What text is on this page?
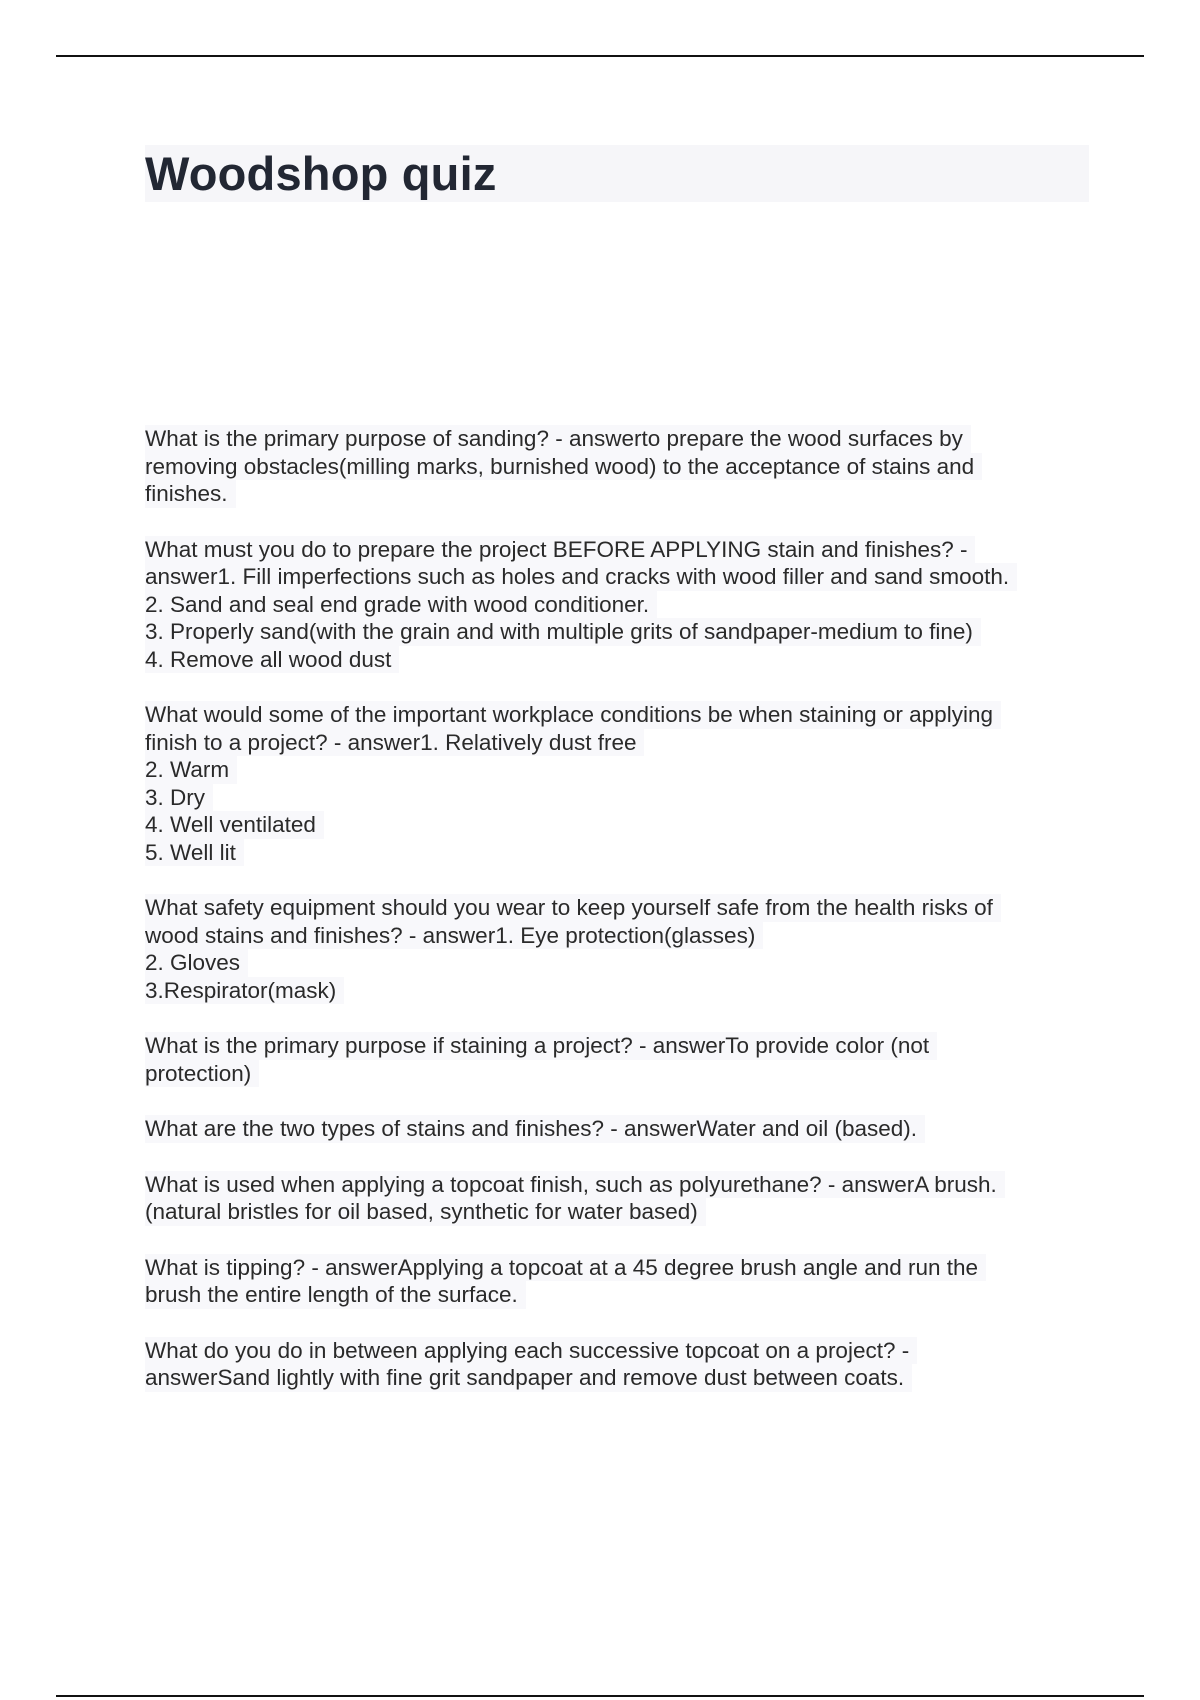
Woodshop quiz
What is the primary purpose of sanding? - answerto prepare the wood surfaces by
removing obstacles(milling marks, burnished wood) to the acceptance of stains and
finishes.
What must you do to prepare the project BEFORE APPLYING stain and finishes? -
answer1. Fill imperfections such as holes and cracks with wood filler and sand smooth.
2. Sand and seal end grade with wood conditioner.
3. Properly sand(with the grain and with multiple grits of sandpaper-medium to fine)
4. Remove all wood dust
What would some of the important workplace conditions be when staining or applying
finish to a project? - answer1. Relatively dust free
2. Warm
3. Dry
4. Well ventilated
5. Well lit
What safety equipment should you wear to keep yourself safe from the health risks of
wood stains and finishes? - answer1. Eye protection(glasses)
2. Gloves
3.Respirator(mask)
What is the primary purpose if staining a project? - answerTo provide color (not
protection)
What are the two types of stains and finishes? - answerWater and oil (based).
What is used when applying a topcoat finish, such as polyurethane? - answerA brush.
(natural bristles for oil based, synthetic for water based)
What is tipping? - answerApplying a topcoat at a 45 degree brush angle and run the
brush the entire length of the surface.
What do you do in between applying each successive topcoat on a project? -
answerSand lightly with fine grit sandpaper and remove dust between coats.
